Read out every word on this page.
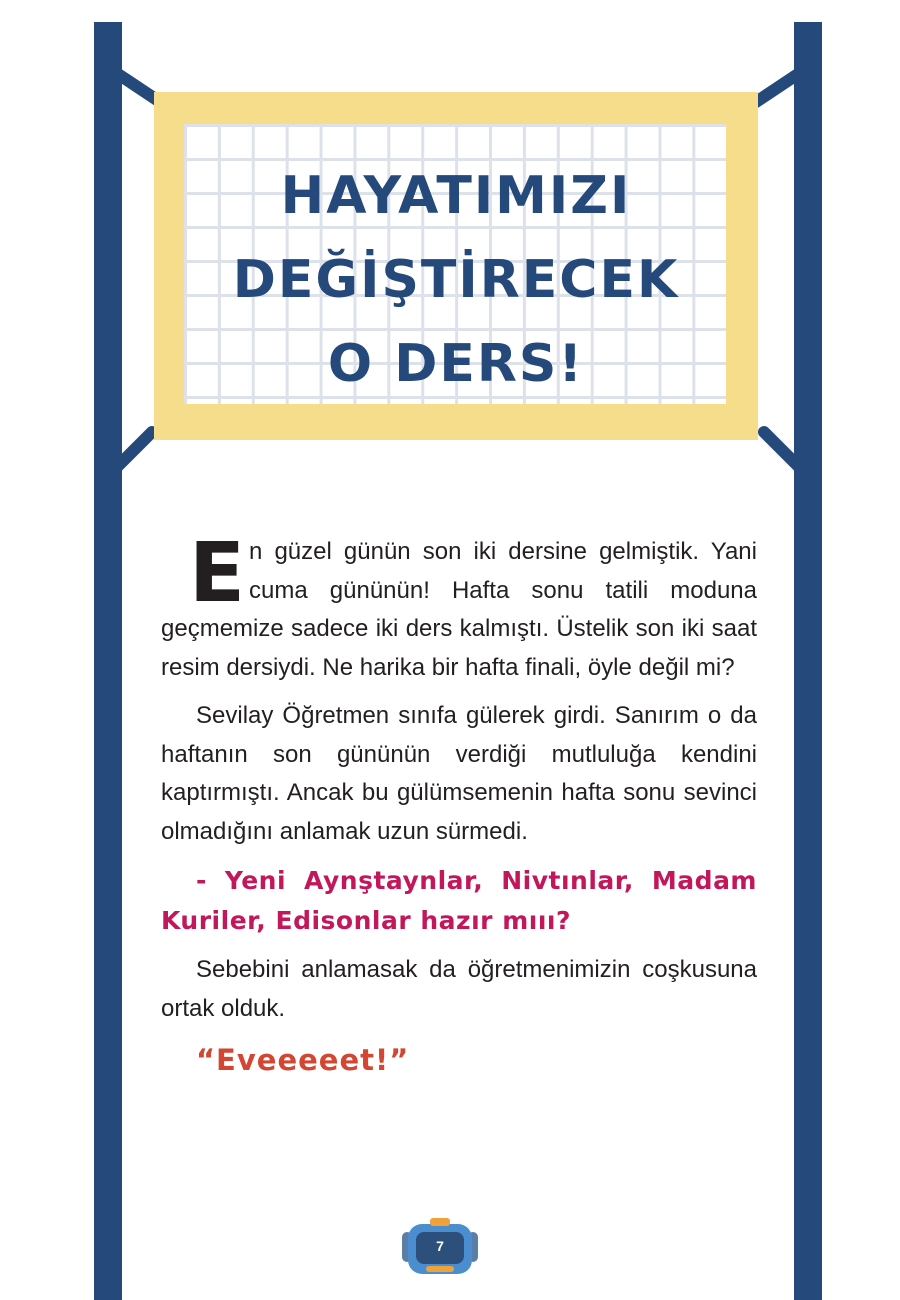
HAYATIMIZI
DEĞİŞTİRECEK
O DERS!

En güzel günün son iki dersine gelmiştik. Yani cuma gününün! Hafta sonu tatili moduna geçmemize sadece iki ders kalmıştı. Üstelik son iki saat resim dersiydi. Ne harika bir hafta finali, öyle değil mi?

Sevilay Öğretmen sınıfa gülerek girdi. Sanırım o da haftanın son gününün verdiği mutluluğa kendini kaptırmıştı. Ancak bu gülümsemenin hafta sonu sevinci olmadığını anlamak uzun sürmedi.

- Yeni Aynştaynlar, Nivtınlar, Madam Kuriler, Edisonlar hazır mııı?

Sebebini anlamasak da öğretmenimizin coşkusuna ortak olduk.

“Eveeeeet!”

7
